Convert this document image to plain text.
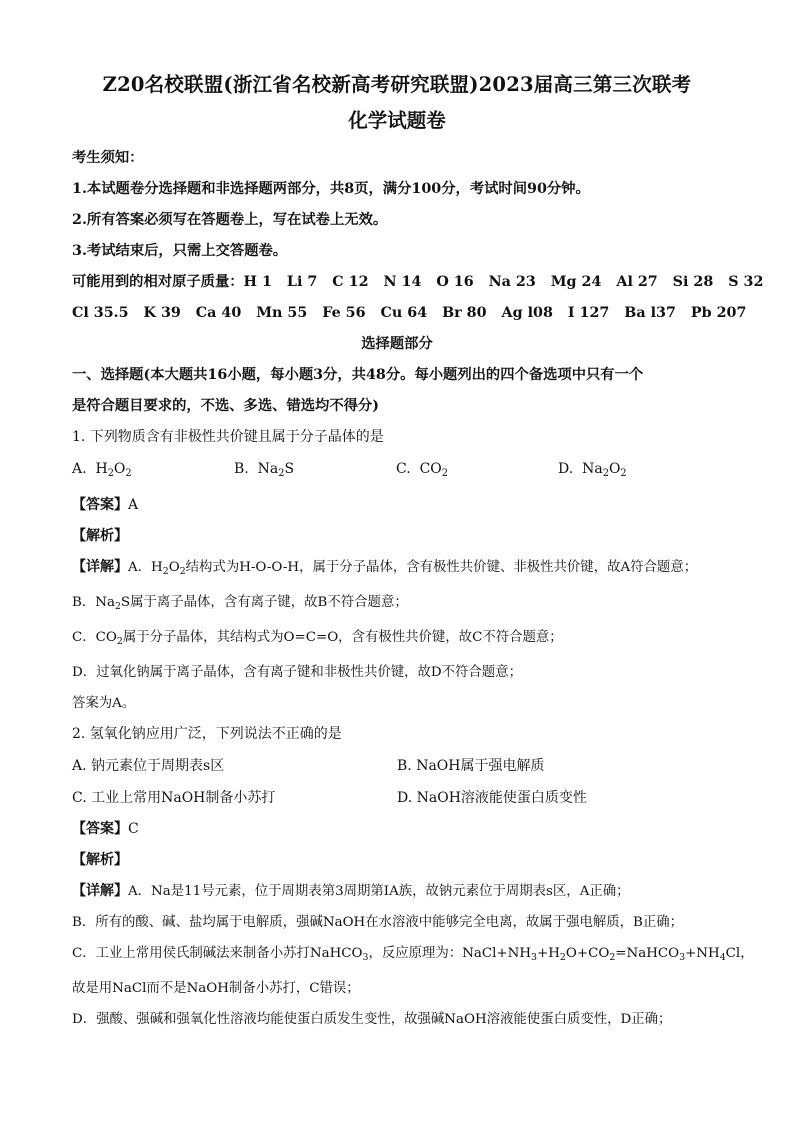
Z20名校联盟(浙江省名校新高考研究联盟)2023届高三第三次联考

化学试题卷

考生须知：

1.本试题卷分选择题和非选择题两部分，共8页，满分100分，考试时间90分钟。

2.所有答案必须写在答题卷上，写在试卷上无效。

3.考试结束后，只需上交答题卷。

可能用到的相对原子质量：H 1   Li 7   C 12   N 14   O 16   Na 23   Mg 24   Al 27   Si 28   S 32

Cl 35.5   K 39   Ca 40   Mn 55   Fe 56   Cu 64   Br 80   Ag l08   I 127   Ba l37   Pb 207

选择题部分

一、选择题(本大题共16小题，每小题3分，共48分。每小题列出的四个备选项中只有一个

是符合题目要求的，不选、多选、错选均不得分)

1. 下列物质含有非极性共价键且属于分子晶体的是

A. $H_2O_2$	B. $Na_2S$	C. $CO_2$	D. $Na_2O_2$

【答案】A

【解析】

【详解】A．$H_2O_2$结构式为H-O-O-H，属于分子晶体，含有极性共价键、非极性共价键，故A符合题意；

B．$Na_2S$属于离子晶体，含有离子键，故B不符合题意；

C．$CO_2$属于分子晶体，其结构式为O=C=O，含有极性共价键，故C不符合题意；

D．过氧化钠属于离子晶体，含有离子键和非极性共价键，故D不符合题意；

答案为A。

2. 氢氧化钠应用广泛，下列说法不正确的是

A. 钠元素位于周期表s区	B. NaOH属于强电解质
C. 工业上常用NaOH制备小苏打	D. NaOH溶液能使蛋白质变性

【答案】C

【解析】

【详解】A．Na是11号元素，位于周期表第3周期第IA族，故钠元素位于周期表s区，A正确；

B．所有的酸、碱、盐均属于电解质，强碱NaOH在水溶液中能够完全电离，故属于强电解质，B正确；

C．工业上常用侯氏制碱法来制备小苏打NaHCO$_3$，反应原理为：$NaCl+NH_3+H_2O+CO_2=NaHCO_3+NH_4Cl$，

故是用NaCl而不是NaOH制备小苏打，C错误；

D．强酸、强碱和强氧化性溶液均能使蛋白质发生变性，故强碱NaOH溶液能使蛋白质变性，D正确；
